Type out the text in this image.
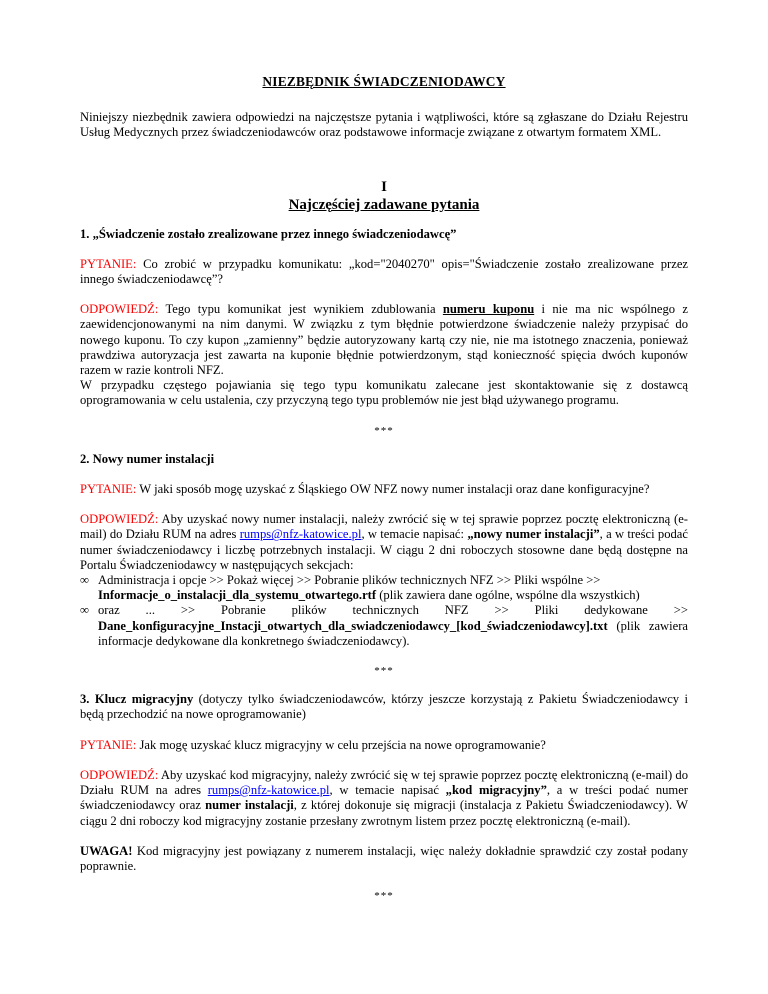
NIEZBĘDNIK ŚWIADCZENIODAWCY

Niniejszy niezbędnik zawiera odpowiedzi na najczęstsze pytania i wątpliwości, które są zgłaszane do Działu Rejestru Usług Medycznych przez świadczeniodawców oraz podstawowe informacje związane z otwartym formatem XML.

I
Najczęściej zadawane pytania
1. „Świadczenie zostało zrealizowane przez innego świadczeniodawcę”

PYTANIE: Co zrobić w przypadku komunikatu: „kod="2040270" opis="Świadczenie zostało zrealizowane przez innego świadczeniodawcę”?

ODPOWIEDŹ: Tego typu komunikat jest wynikiem zdublowania numeru kuponu i nie ma nic wspólnego z zaewidencjonowanymi na nim danymi. W związku z tym błędnie potwierdzone świadczenie należy przypisać do nowego kuponu. To czy kupon „zamienny” będzie autoryzowany kartą czy nie, nie ma istotnego znaczenia, ponieważ prawdziwa autoryzacja jest zawarta na kuponie błędnie potwierdzonym, stąd konieczność spięcia dwóch kuponów razem w razie kontroli NFZ.

W przypadku częstego pojawiania się tego typu komunikatu zalecane jest skontaktowanie się z dostawcą oprogramowania w celu ustalenia, czy przyczyną tego typu problemów nie jest błąd używanego programu.

***
2. Nowy numer instalacji

PYTANIE: W jaki sposób mogę uzyskać z Śląskiego OW NFZ nowy numer instalacji oraz dane konfiguracyjne?

ODPOWIEDŹ: Aby uzyskać nowy numer instalacji, należy zwrócić się w tej sprawie poprzez pocztę elektroniczną (e-mail) do Działu RUM na adres rumps@nfz-katowice.pl, w temacie napisać: „nowy numer instalacji”, a w treści podać numer świadczeniodawcy i liczbę potrzebnych instalacji. W ciągu 2 dni roboczych stosowne dane będą dostępne na Portalu Świadczeniodawcy w następujących sekcjach:

∞ Administracja i opcje >> Pokaż więcej >> Pobranie plików technicznych NFZ >> Pliki wspólne >>
Informacje_o_instalacji_dla_systemu_otwartego.rtf (plik zawiera dane ogólne, wspólne dla wszystkich)
∞ oraz ... >> Pobranie plików technicznych NFZ >> Pliki dedykowane >>
Dane_konfiguracyjne_Instacji_otwartych_dla_swiadczeniodawcy_[kod_świadczeniodawcy].txt (plik zawiera informacje dedykowane dla konkretnego świadczeniodawcy).
***

3. Klucz migracyjny (dotyczy tylko świadczeniodawców, którzy jeszcze korzystają z Pakietu Świadczeniodawcy i będą przechodzić na nowe oprogramowanie)

PYTANIE: Jak mogę uzyskać klucz migracyjny w celu przejścia na nowe oprogramowanie?

ODPOWIEDŹ: Aby uzyskać kod migracyjny, należy zwrócić się w tej sprawie poprzez pocztę elektroniczną (e-mail) do Działu RUM na adres rumps@nfz-katowice.pl, w temacie napisać „kod migracyjny”, a w treści podać numer świadczeniodawcy oraz numer instalacji, z której dokonuje się migracji (instalacja z Pakietu Świadczeniodawcy). W ciągu 2 dni roboczy kod migracyjny zostanie przesłany zwrotnym listem przez pocztę elektroniczną (e-mail).

UWAGA! Kod migracyjny jest powiązany z numerem instalacji, więc należy dokładnie sprawdzić czy został podany poprawnie.

***
